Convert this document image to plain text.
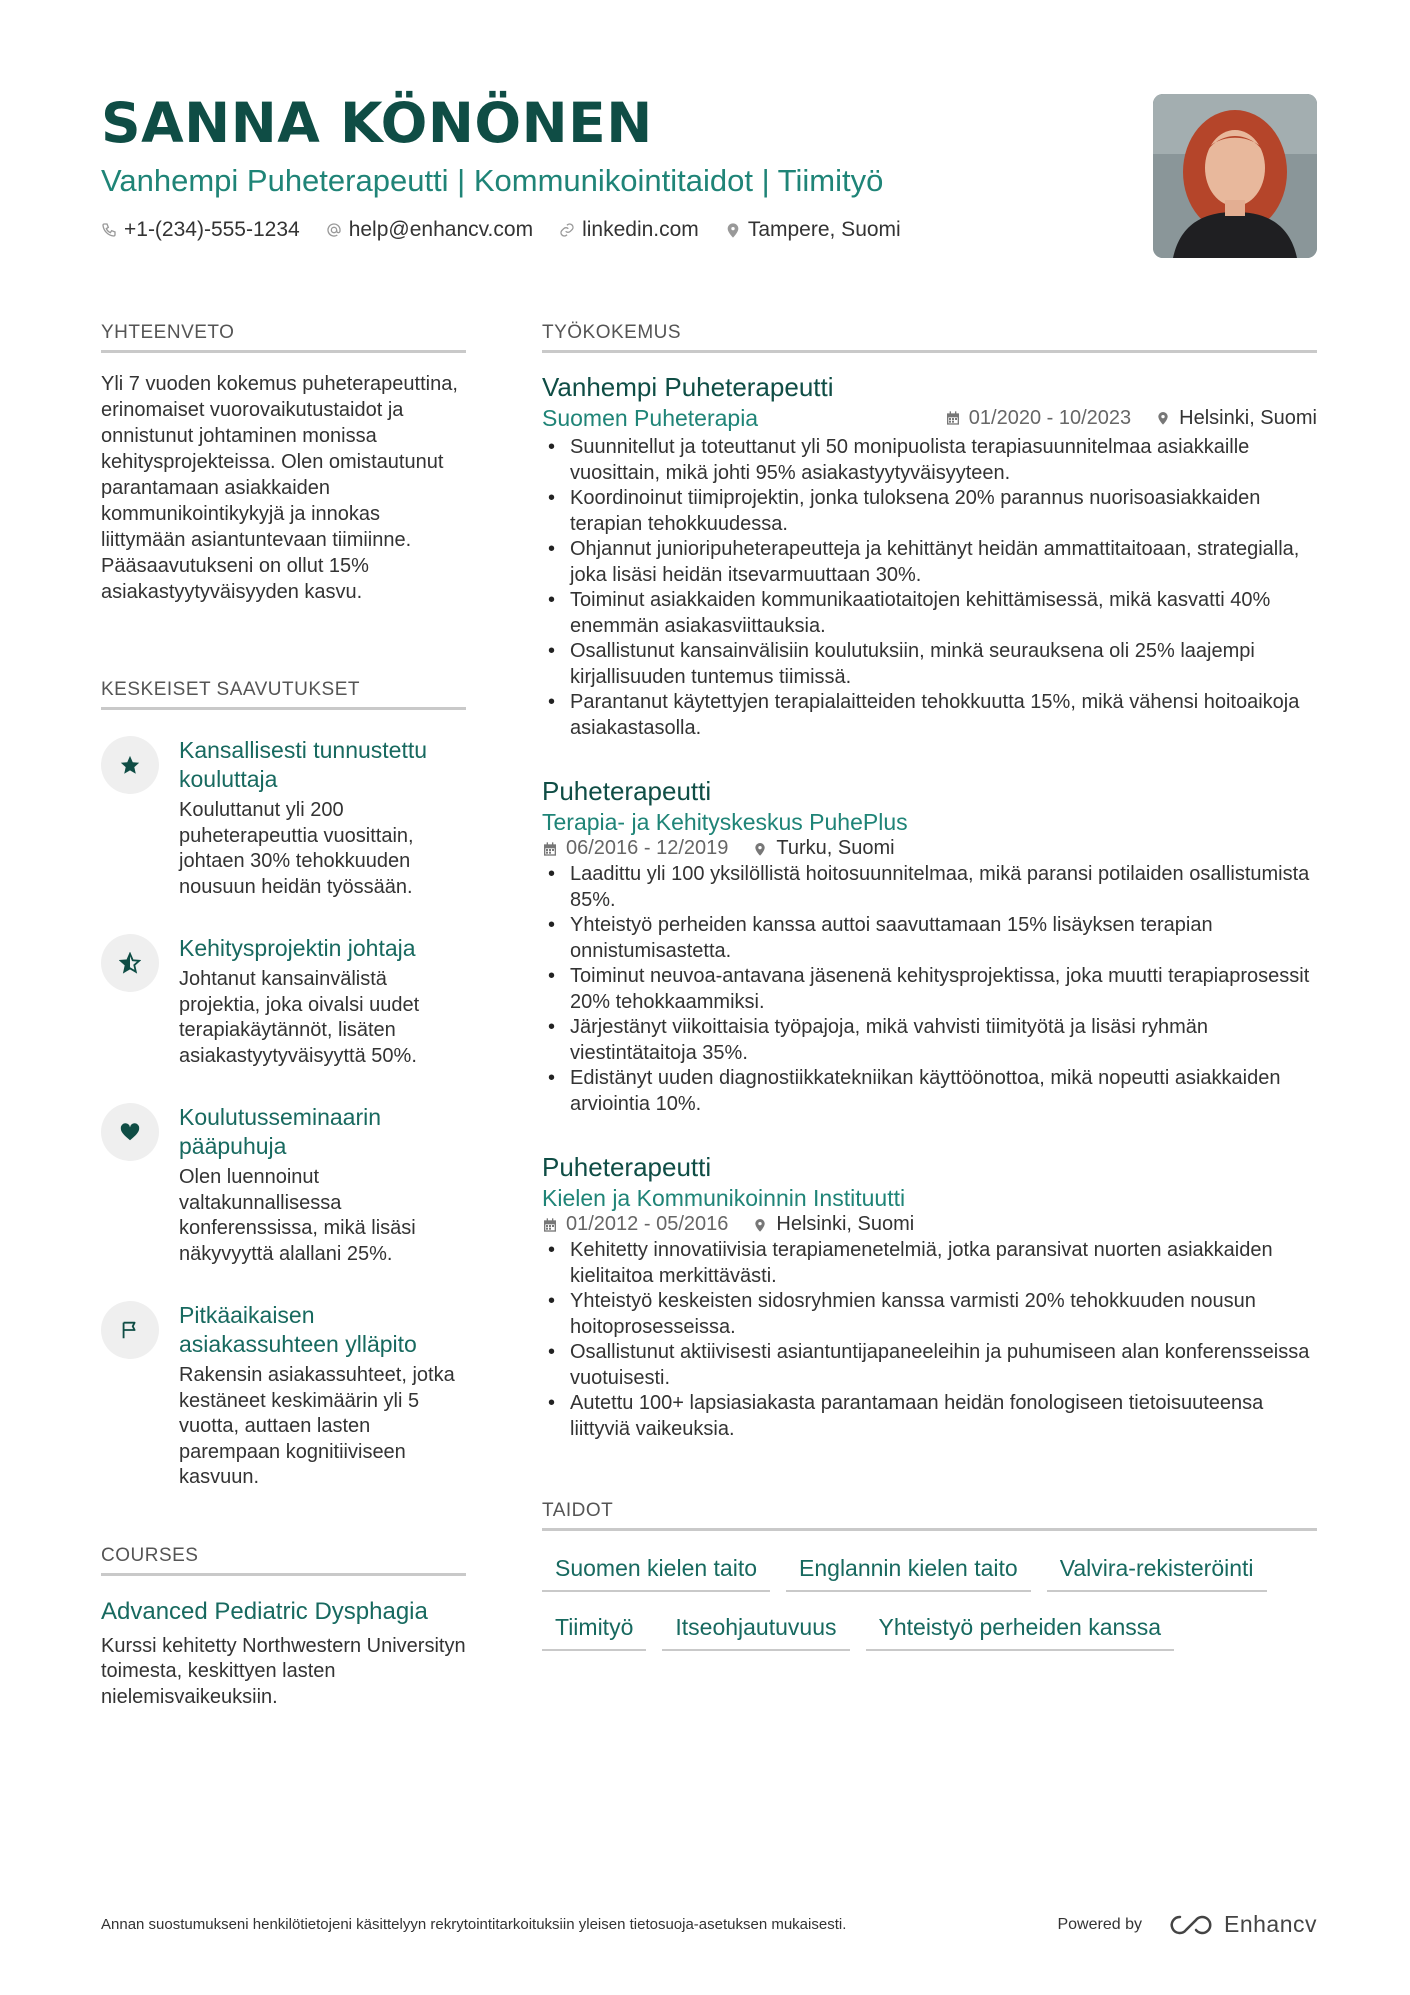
SANNA KÖNÖNEN
Vanhempi Puheterapeutti | Kommunikointitaidot | Tiimityö
+1-(234)-555-1234 help@enhancv.com linkedin.com Tampere, Suomi
YHTEENVETO
Yli 7 vuoden kokemus puheterapeuttina, erinomaiset vuorovaikutustaidot ja onnistunut johtaminen monissa kehitysprojekteissa. Olen omistautunut parantamaan asiakkaiden kommunikointikykyjä ja innokas liittymään asiantuntevaan tiimiinne. Pääsaavutukseni on ollut 15% asiakastyytyväisyyden kasvu.
KESKEISET SAAVUTUKSET
Kansallisesti tunnustettu kouluttaja
Kouluttanut yli 200 puheterapeuttia vuosittain, johtaen 30% tehokkuuden nousuun heidän työssään.
Kehitysprojektin johtaja
Johtanut kansainvälistä projektia, joka oivalsi uudet terapiakäytännöt, lisäten asiakastyytyväisyyttä 50%.
Koulutusseminaarin pääpuhuja
Olen luennoinut valtakunnallisessa konferenssissa, mikä lisäsi näkyvyyttä alallani 25%.
Pitkäaikaisen asiakassuhteen ylläpito
Rakensin asiakassuhteet, jotka kestäneet keskimäärin yli 5 vuotta, auttaen lasten parempaan kognitiiviseen kasvuun.
COURSES
Advanced Pediatric Dysphagia
Kurssi kehitetty Northwestern Universityn toimesta, keskittyen lasten nielemisvaikeuksiin.
TYÖKOKEMUS
Vanhempi Puheterapeutti
Suomen Puheterapia	01/2020 - 10/2023 Helsinki, Suomi
• Suunnitellut ja toteuttanut yli 50 monipuolista terapiasuunnitelmaa asiakkaille vuosittain, mikä johti 95% asiakastyytyväisyyteen.
• Koordinoinut tiimiprojektin, jonka tuloksena 20% parannus nuorisoasiakkaiden terapian tehokkuudessa.
• Ohjannut junioripuheterapeutteja ja kehittänyt heidän ammattitaitoaan, strategialla, joka lisäsi heidän itsevarmuuttaan 30%.
• Toiminut asiakkaiden kommunikaatiotaitojen kehittämisessä, mikä kasvatti 40% enemmän asiakasviittauksia.
• Osallistunut kansainvälisiin koulutuksiin, minkä seurauksena oli 25% laajempi kirjallisuuden tuntemus tiimissä.
• Parantanut käytettyjen terapialaitteiden tehokkuutta 15%, mikä vähensi hoitoaikoja asiakastasolla.
Puheterapeutti
Terapia- ja Kehityskeskus PuhePlus
06/2016 - 12/2019 Turku, Suomi
• Laadittu yli 100 yksilöllistä hoitosuunnitelmaa, mikä paransi potilaiden osallistumista 85%.
• Yhteistyö perheiden kanssa auttoi saavuttamaan 15% lisäyksen terapian onnistumisastetta.
• Toiminut neuvoa-antavana jäsenenä kehitysprojektissa, joka muutti terapiaprosessit 20% tehokkaammiksi.
• Järjestänyt viikoittaisia työpajoja, mikä vahvisti tiimityötä ja lisäsi ryhmän viestintätaitoja 35%.
• Edistänyt uuden diagnostiikkatekniikan käyttöönottoa, mikä nopeutti asiakkaiden arviointia 10%.
Puheterapeutti
Kielen ja Kommunikoinnin Instituutti
01/2012 - 05/2016 Helsinki, Suomi
• Kehitetty innovatiivisia terapiamenetelmiä, jotka paransivat nuorten asiakkaiden kielitaitoa merkittävästi.
• Yhteistyö keskeisten sidosryhmien kanssa varmisti 20% tehokkuuden nousun hoitoprosesseissa.
• Osallistunut aktiivisesti asiantuntijapaneeleihin ja puhumiseen alan konferensseissa vuotuisesti.
• Autettu 100+ lapsiasiakasta parantamaan heidän fonologiseen tietoisuuteensa liittyviä vaikeuksia.
TAIDOT
Suomen kielen taito	Englannin kielen taito	Valvira-rekisteröinti
Tiimityö	Itseohjautuvuus	Yhteistyö perheiden kanssa
Annan suostumukseni henkilötietojeni käsittelyyn rekrytointitarkoituksiin yleisen tietosuoja-asetuksen mukaisesti.	Powered by	Enhancv
